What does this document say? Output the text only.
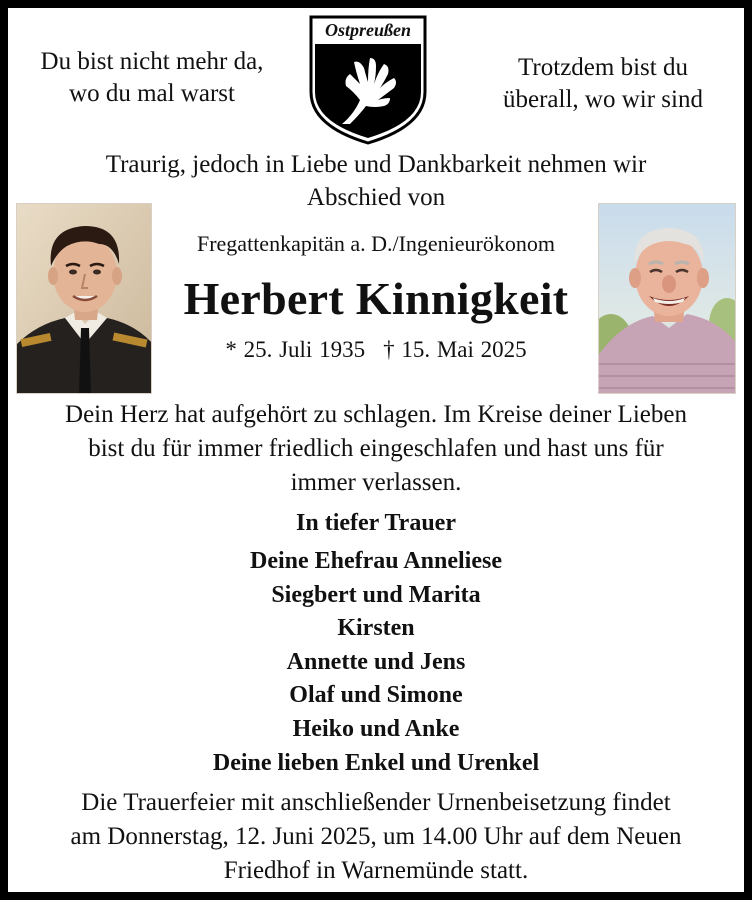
Du bist nicht mehr da,
wo du mal warst
Ostpreußen
Trotzdem bist du
überall, wo wir sind
Traurig, jedoch in Liebe und Dankbarkeit nehmen wir
Abschied von
Fregattenkapitän a. D./Ingenieurökonom
Herbert Kinnigkeit
* 25. Juli 1935 † 15. Mai 2025
Dein Herz hat aufgehört zu schlagen. Im Kreise deiner Lieben
bist du für immer friedlich eingeschlafen und hast uns für
immer verlassen.
In tiefer Trauer
Deine Ehefrau Anneliese
Siegbert und Marita
Kirsten
Annette und Jens
Olaf und Simone
Heiko und Anke
Deine lieben Enkel und Urenkel
Die Trauerfeier mit anschließender Urnenbeisetzung findet
am Donnerstag, 12. Juni 2025, um 14.00 Uhr auf dem Neuen
Friedhof in Warnemünde statt.
